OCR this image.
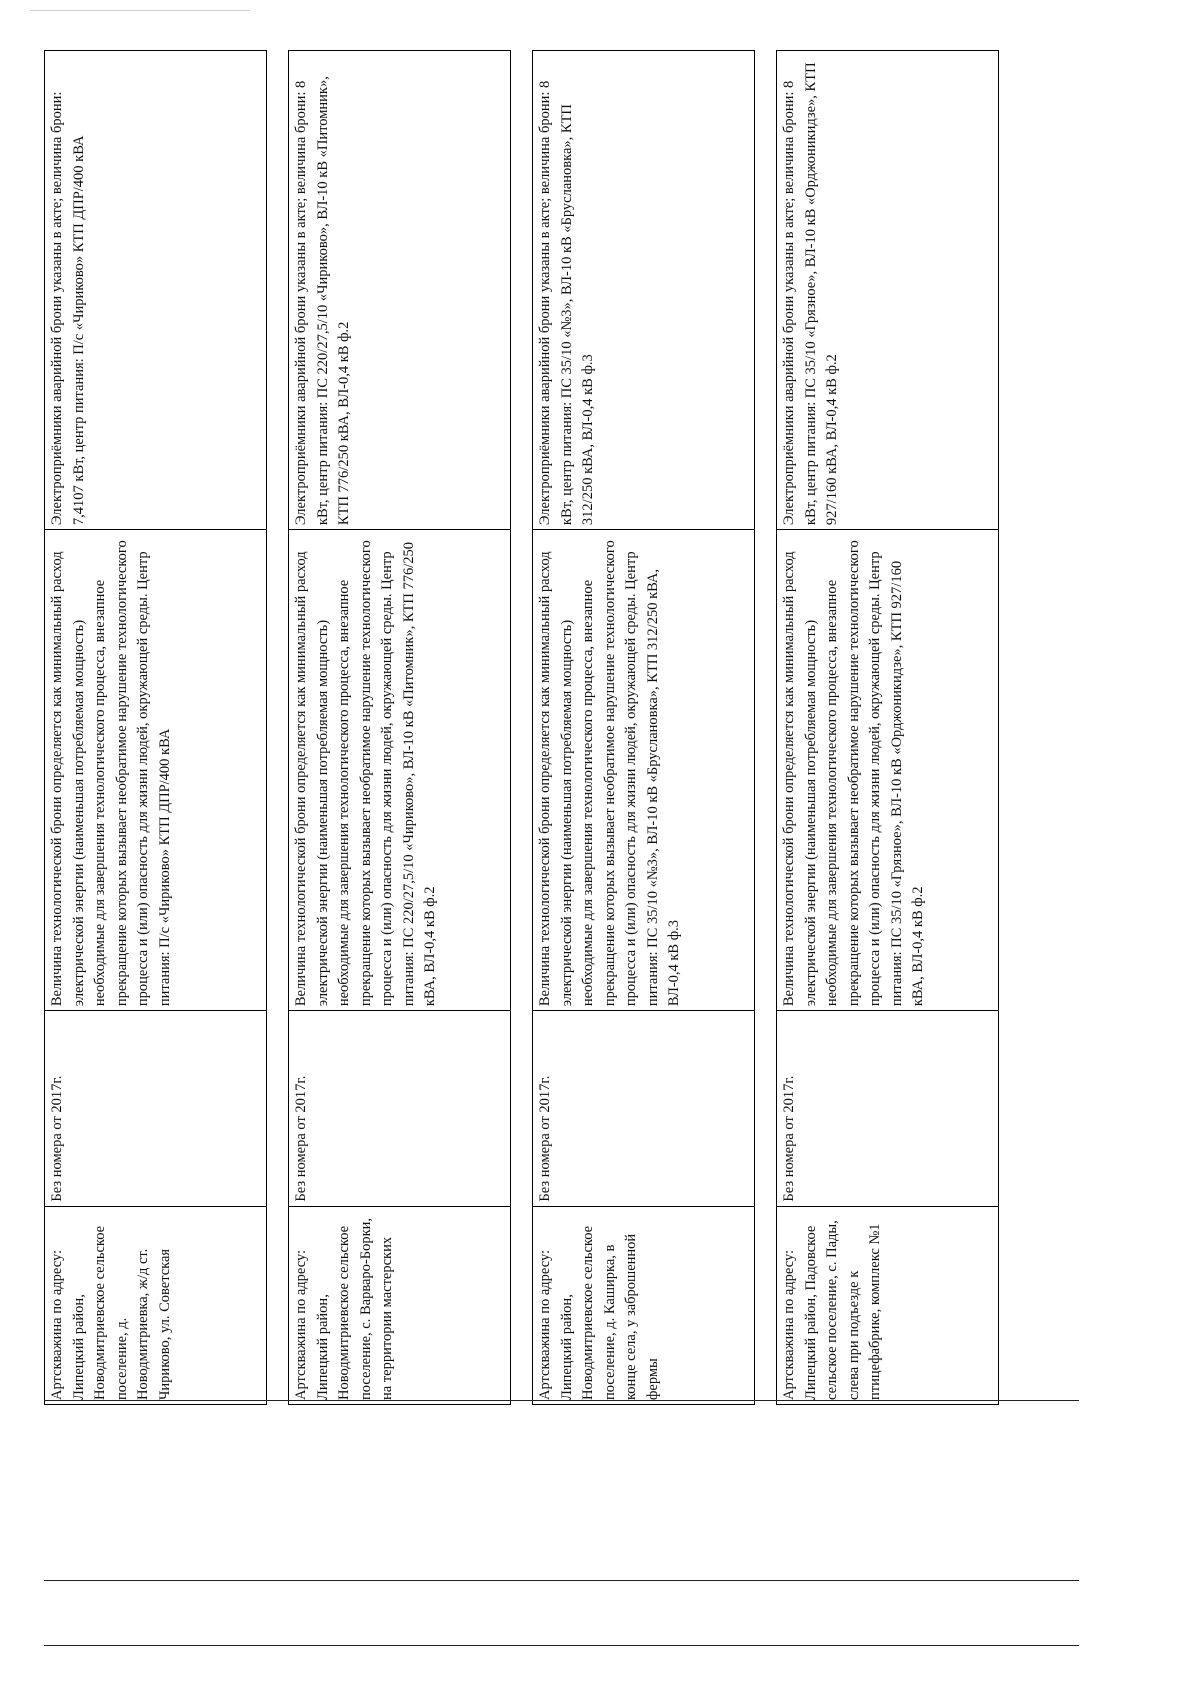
Артскважина по адресу: Липецкий район, Новодмитриевское сельское поселение, д. Новодмитриевка, ж/д ст. Чириково, ул. Советская	Без номера от 2017г.	Величина технологической брони определяется как минимальный расход электрической энергии (наименьшая потребляемая мощность) необходимые для завершения технологического процесса, внезапное прекращение которых вызывает необратимое нарушение технологического процесса и (или) опасность для жизни людей, окружающей среды. Центр питания: П/с «Чириково» КТП ДПР/400 кВА	Электроприёмники аварийной брони указаны в акте; величина брони: 7,4107 кВт, центр питания: П/с «Чириково» КТП ДПР/400 кВА

Артскважина по адресу: Липецкий район, Новодмитриевское сельское поселение, с. Варваро-Борки, на территории мастерских	Без номера от 2017г.	Величина технологической брони определяется как минимальный расход электрической энергии (наименьшая потребляемая мощность) необходимые для завершения технологического процесса, внезапное прекращение которых вызывает необратимое нарушение технологического процесса и (или) опасность для жизни людей, окружающей среды. Центр питания: ПС 220/27,5/10 «Чириково», ВЛ-10 кВ «Питомник», КТП 776/250 кВА, ВЛ-0,4 кВ ф.2	Электроприёмники аварийной брони указаны в акте; величина брони: 8 кВт, центр питания: ПС 220/27,5/10 «Чириково», ВЛ-10 кВ «Питомник», КТП 776/250 кВА, ВЛ-0,4 кВ ф.2

Артскважина по адресу: Липецкий район, Новодмитриевское сельское поселение, д. Каширка, в конце села, у заброшенной фермы	Без номера от 2017г.	Величина технологической брони определяется как минимальный расход электрической энергии (наименьшая потребляемая мощность) необходимые для завершения технологического процесса, внезапное прекращение которых вызывает необратимое нарушение технологического процесса и (или) опасность для жизни людей, окружающей среды. Центр питания: ПС 35/10 «№3», ВЛ-10 кВ «Бруслановка», КТП 312/250 кВА, ВЛ-0,4 кВ ф.3	Электроприёмники аварийной брони указаны в акте; величина брони: 8 кВт, центр питания: ПС 35/10 «№3», ВЛ-10 кВ «Бруслановка», КТП 312/250 кВА, ВЛ-0,4 кВ ф.3

Артскважина по адресу: Липецкий район, Падовское сельское поселение, с. Пады, слева при подъезде к птицефабрике, комплекс №1	Без номера от 2017г.	Величина технологической брони определяется как минимальный расход электрической энергии (наименьшая потребляемая мощность) необходимые для завершения технологического процесса, внезапное прекращение которых вызывает необратимое нарушение технологического процесса и (или) опасность для жизни людей, окружающей среды. Центр питания: ПС 35/10 «Грязное», ВЛ-10 кВ «Орджоникидзе», КТП 927/160 кВА, ВЛ-0,4 кВ ф.2	Электроприёмники аварийной брони указаны в акте; величина брони: 8 кВт, центр питания: ПС 35/10 «Грязное», ВЛ-10 кВ «Орджоникидзе», КТП 927/160 кВА, ВЛ-0,4 кВ ф.2
